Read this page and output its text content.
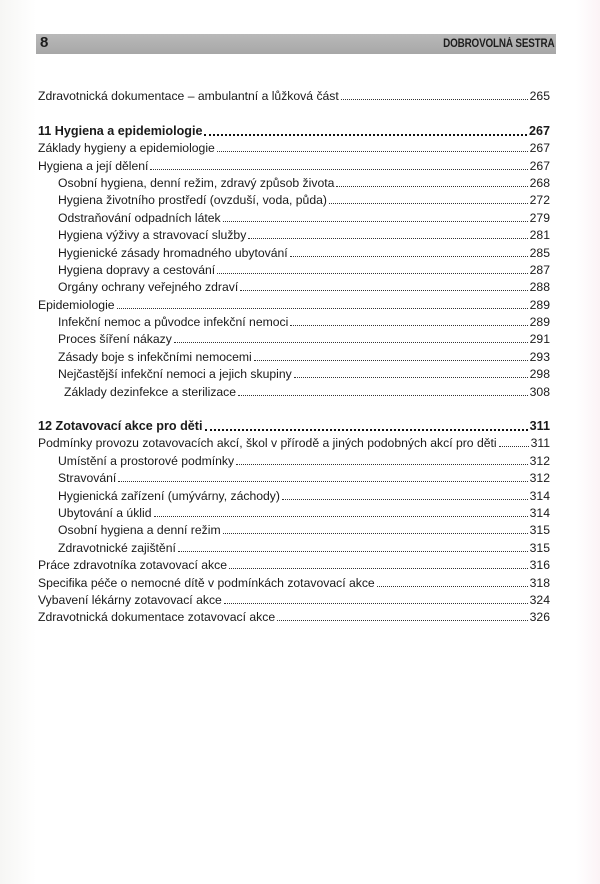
8	DOBROVOLNÁ SESTRA
Zdravotnická dokumentace – ambulantní a lůžková část	265
11 Hygiena a epidemiologie	267
Základy hygieny a epidemiologie	267
Hygiena a její dělení	267
Osobní hygiena, denní režim, zdravý způsob života	268
Hygiena životního prostředí (ovzduší, voda, půda)	272
Odstraňování odpadních látek	279
Hygiena výživy a stravovací služby	281
Hygienické zásady hromadného ubytování	285
Hygiena dopravy a cestování	287
Orgány ochrany veřejného zdraví	288
Epidemiologie	289
Infekční nemoc a původce infekční nemoci	289
Proces šíření nákazy	291
Zásady boje s infekčními nemocemi	293
Nejčastější infekční nemoci a jejich skupiny	298
Základy dezinfekce a sterilizace	308
12 Zotavovací akce pro děti	311
Podmínky provozu zotavovacích akcí, škol v přírodě a jiných podobných akcí pro děti	311
Umístění a prostorové podmínky	312
Stravování	312
Hygienická zařízení (umývárny, záchody)	314
Ubytování a úklid	314
Osobní hygiena a denní režim	315
Zdravotnické zajištění	315
Práce zdravotníka zotavovací akce	316
Specifika péče o nemocné dítě v podmínkách zotavovací akce	318
Vybavení lékárny zotavovací akce	324
Zdravotnická dokumentace zotavovací akce	326
